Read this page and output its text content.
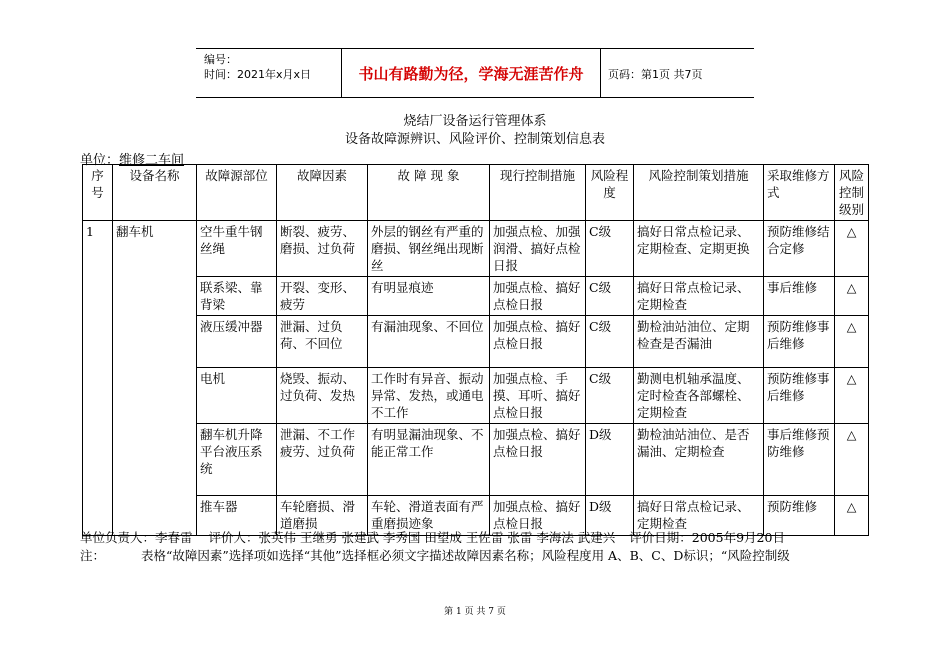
编号：
时间：2021年x月x日	书山有路勤为径，学海无涯苦作舟	页码：第1页 共7页
烧结厂设备运行管理体系
设备故障源辨识、风险评价、控制策划信息表
单位：维修二车间
序号	设备名称	故障源部位	故障因素	故 障 现 象	现行控制措施	风险程度	风险控制策划措施	采取维修方式	风险控制级别
1	翻车机	空牛重牛钢丝绳	断裂、疲劳、磨损、过负荷	外层的钢丝有严重的磨损、钢丝绳出现断丝	加强点检、加强润滑、搞好点检日报	C级	搞好日常点检记录、定期检查、定期更换	预防维修结合定修	△
		联系梁、靠背梁	开裂、变形、疲劳	有明显痕迹	加强点检、搞好点检日报	C级	搞好日常点检记录、定期检查	事后维修	△
		液压缓冲器	泄漏、过负荷、不回位	有漏油现象、不回位	加强点检、搞好点检日报	C级	勤检油站油位、定期检查是否漏油	预防维修事后维修	△
		电机	烧毁、振动、过负荷、发热	工作时有异音、振动异常、发热，或通电不工作	加强点检、手摸、耳听、搞好点检日报	C级	勤测电机轴承温度、定时检查各部螺栓、定期检查	预防维修事后维修	△
		翻车机升降平台液压系统	泄漏、不工作疲劳、过负荷	有明显漏油现象、不能正常工作	加强点检、搞好点检日报	D级	勤检油站油位、是否漏油、定期检查	事后维修预防维修	△
		推车器	车轮磨损、滑道磨损	车轮、滑道表面有严重磨损迹象	加强点检、搞好点检日报	D级	搞好日常点检记录、定期检查	预防维修	△
单位负责人：李春雷 评价人：张英伟 王继勇 张建武 李秀国 田望成 王佐雷 张雷 李海法 武建兴 评价日期：2005年9月20日
注：	表格“故障因素”选择项如选择“其他”选择框必须文字描述故障因素名称；风险程度用 A、B、C、D标识；“风险控制级
第 1 页 共 7 页
